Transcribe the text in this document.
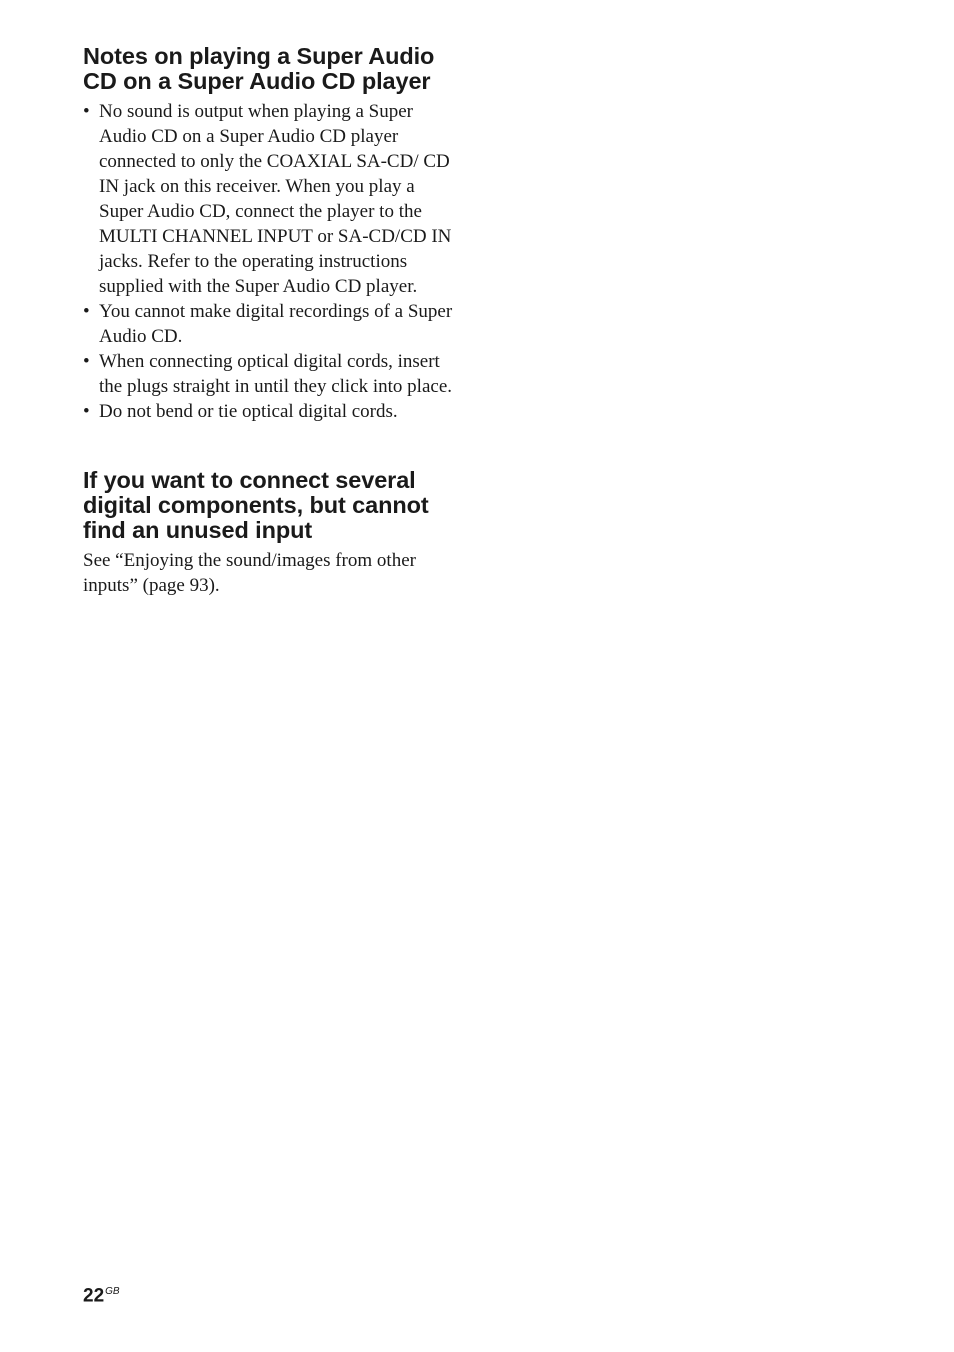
Notes on playing a Super Audio
CD on a Super Audio CD player
• No sound is output when playing a Super Audio CD on a Super Audio CD player connected to only the COAXIAL SA-CD/ CD IN jack on this receiver. When you play a Super Audio CD, connect the player to the MULTI CHANNEL INPUT or SA-CD/CD IN jacks. Refer to the operating instructions supplied with the Super Audio CD player.
• You cannot make digital recordings of a Super Audio CD.
• When connecting optical digital cords, insert the plugs straight in until they click into place.
• Do not bend or tie optical digital cords.
If you want to connect several
digital components, but cannot
find an unused input

See “Enjoying the sound/images from other inputs” (page 93).

$22^{GB}$
